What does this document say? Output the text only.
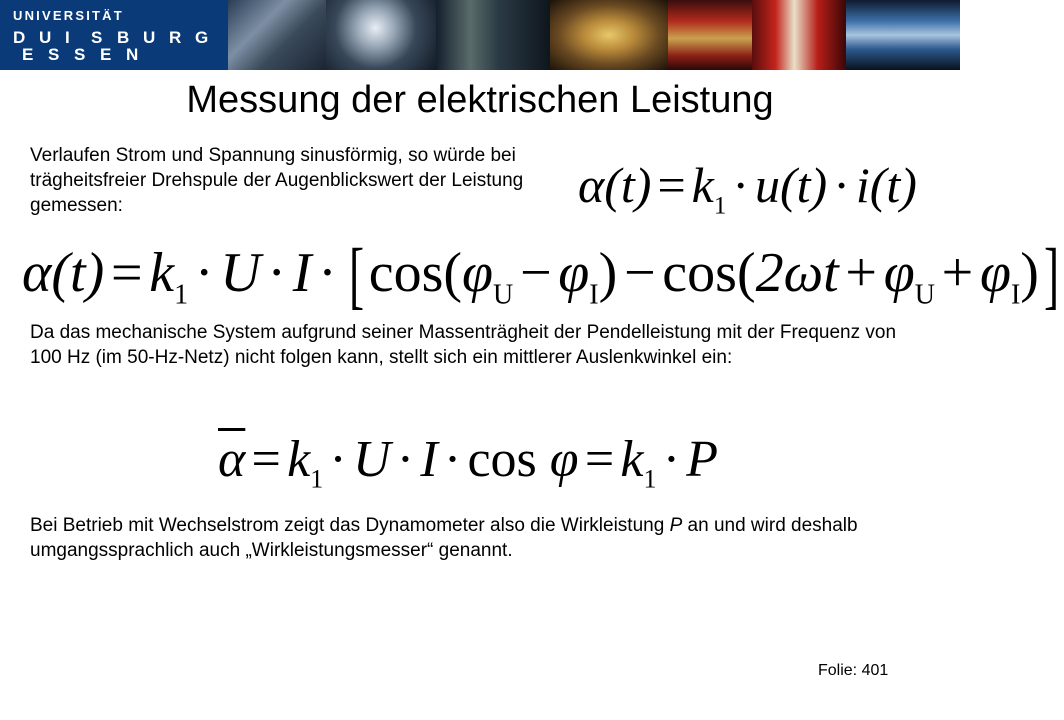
UNIVERSITÄT
D U I S B U R G
E S S E N
Messung der elektrischen Leistung
Verlaufen Strom und Spannung sinusförmig, so würde bei trägheitsfreier Drehspule der Augenblickswert der Leistung gemessen:	$\alpha(t) = k_1 \cdot u(t) \cdot i(t)$
$\alpha(t) = k_1 \cdot U \cdot I \cdot [\cos(\varphi_U - \varphi_I) - \cos(2\omega t + \varphi_U + \varphi_I)]$
Da das mechanische System aufgrund seiner Massenträgheit der Pendelleistung mit der Frequenz von 100 Hz (im 50-Hz-Netz) nicht folgen kann, stellt sich ein mittlerer Auslenkwinkel ein:
$\overline{\alpha} = k_1 \cdot U \cdot I \cdot \cos \varphi = k_1 \cdot P$
Bei Betrieb mit Wechselstrom zeigt das Dynamometer also die Wirkleistung P an und wird deshalb umgangssprachlich auch „Wirkleistungsmesser“ genannt.
Folie: 401
